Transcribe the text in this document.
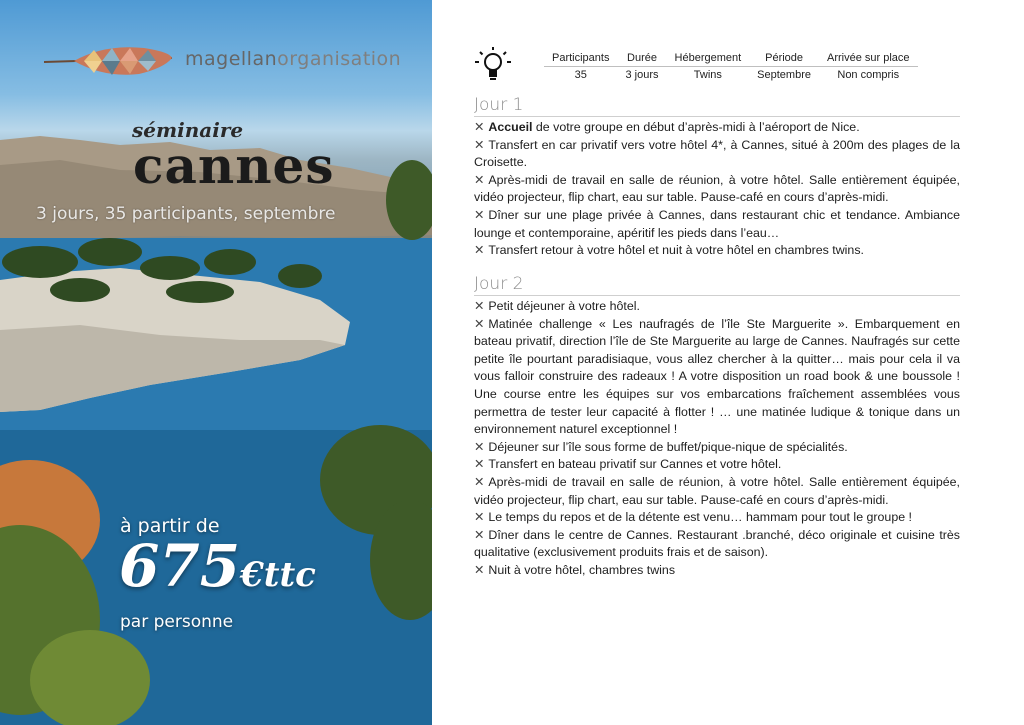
magellanorganisation
séminaire
cannes
3 jours, 35 participants, septembre
à partir de
675€ttc
par personne
Participants	Durée	Hébergement	Période	Arrivée sur place
35	3 jours	Twins	Septembre	Non compris
Jour 1
✕ Accueil de votre groupe en début d’après-midi à l’aéroport de Nice.
✕ Transfert en car privatif vers votre hôtel 4*, à Cannes, situé à 200m des plages de la Croisette.
✕ Après-midi de travail en salle de réunion, à votre hôtel. Salle entièrement équipée, vidéo projecteur, flip chart, eau sur table. Pause-café en cours d’après-midi.
✕ Dîner sur une plage privée à Cannes, dans restaurant chic et tendance. Ambiance lounge et contemporaine, apéritif les pieds dans l’eau…
✕ Transfert retour à votre hôtel et nuit à votre hôtel en chambres twins.
Jour 2
✕ Petit déjeuner à votre hôtel.
✕ Matinée challenge « Les naufragés de l’île Ste Marguerite ». Embarquement en bateau privatif, direction l’île de Ste Marguerite au large de Cannes. Naufragés sur cette petite île pourtant paradisiaque, vous allez chercher à la quitter… mais pour cela il va vous falloir construire des radeaux ! A votre disposition un road book & une boussole ! Une course entre les équipes sur vos embarcations fraîchement assemblées vous permettra de tester leur capacité à flotter ! … une matinée ludique & tonique dans un environnement naturel exceptionnel !
✕ Déjeuner sur l’île sous forme de buffet/pique-nique de spécialités.
✕ Transfert en bateau privatif sur Cannes et votre hôtel.
✕ Après-midi de travail en salle de réunion, à votre hôtel. Salle entièrement équipée, vidéo projecteur, flip chart, eau sur table. Pause-café en cours d’après-midi.
✕ Le temps du repos et de la détente est venu… hammam pour tout le groupe !
✕ Dîner dans le centre de Cannes. Restaurant .branché, déco originale et cuisine très qualitative (exclusivement produits frais et de saison).
✕ Nuit à votre hôtel, chambres twins
